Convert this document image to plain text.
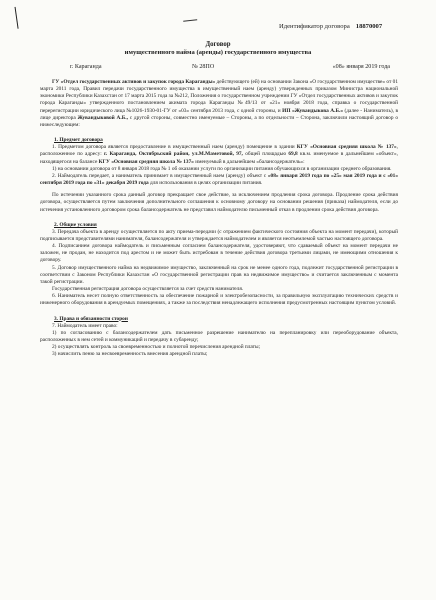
Идентификатор договора 18870007
Договор
имущественного найма (аренды) государственного имущества
г. Караганда	№ 28ПО	«08» января 2019 года

ГУ «Отдел государственных активов и закупок города Караганды» действующего (ей) на основании Закона «О государственном имуществе» от 01 марта 2011 года, Правил передачи государственного имущества в имущественный наем (аренду) утвержденных приказом Министра национальной экономики Республики Казахстан от 17 марта 2015 года за №212, Положения о государственном учреждении ГУ «Отдел государственных активов и закупок города Караганды» утвержденного постановлением акимата города Караганды №49/13 от «21» ноября 2018 года, справка о государственной перерегистрации юридического лица №1026-1930-01-ГУ от «03» сентября 2013 года, с одной стороны, и ИП «Жувандыкова А.Б.» (далее - Наниматель), в лице директора Жувандыковой А.Б., с другой стороны, совместно именуемые – Стороны, а по отдельности – Сторона, заключили настоящий договор о нижеследующем:

1. Предмет договора

1. Предметом договора является предоставление в имущественный наем (аренду) помещение в здании КГУ «Основная средняя школа № 137», расположенное по адресу: г. Караганда, Октябрьский район, ул.М.Маметовой, 97, общей площадью 69,8 кв.м. именуемое в дальнейшем «объект», находящегося на балансе КГУ «Основная средняя школа № 137» именуемый в дальнейшем «балансодержатель»:

1) на основании договора от 8 января 2018 года № 1 об оказании услуги по организации питания обучающихся в организации среднего образования.

2. Наймодатель передает, а наниматель принимает в имущественный наем (аренду) объект с «08» января 2019 года по «25» мая 2019 года и с «01» сентября 2019 года по «31» декабря 2019 года для использования в целях организации питания.

По истечении указанного срока данный договор прекращает свое действие, за исключением продления срока договора. Продление срока действия договора, осуществляется путем заключения дополнительного соглашения к основному договору на основании решения (приказа) наймодателя, если до истечения установленного договором срока балансодержатель не представил наймодателю письменный отказ в продлении срока действия договора.

2. Общие условия

3. Передача объекта в аренду осуществляется по акту приема-передачи (с отражением фактического состояния объекта на момент передачи), который подписывается представителями нанимателя, балансодержателя и утверждается наймодателем и является неотъемлемой частью настоящего договора.

4. Подписанием договора наймодатель и письменным согласием балансодержателя, удостоверяют, что сдаваемый объект на момент передачи не заложен, не продан, не находится под арестом и не может быть истребован в течение действия договора третьими лицами, не имеющими отношения к договору.

5. Договор имущественного найма на недвижимое имущество, заключенный на срок не менее одного года, подлежит государственной регистрации в соответствии с Законом Республики Казахстан «О государственной регистрации прав на недвижимое имущество» и считается заключенным с момента такой регистрации.

Государственная регистрация договора осуществляется за счет средств нанимателя.

6. Наниматель несет полную ответственность за обеспечение пожарной и электробезопасности, за правильную эксплуатацию технических средств и инженерного оборудования в арендуемых помещениях, а также за последствия ненадлежащего исполнения предусмотренных настоящим пунктом условий.

3. Права и обязанности сторон

7. Наймодатель имеет право:

1) по согласованию с балансодержателем дать письменное разрешение нанимателю на перепланировку или переоборудование объекта, расположенных в нем сетей и коммуникаций и передачу в субаренду;

2) осуществлять контроль за своевременностью и полнотой перечисления арендной платы;

3) начислить пеню за несвоевременность внесения арендной платы;
